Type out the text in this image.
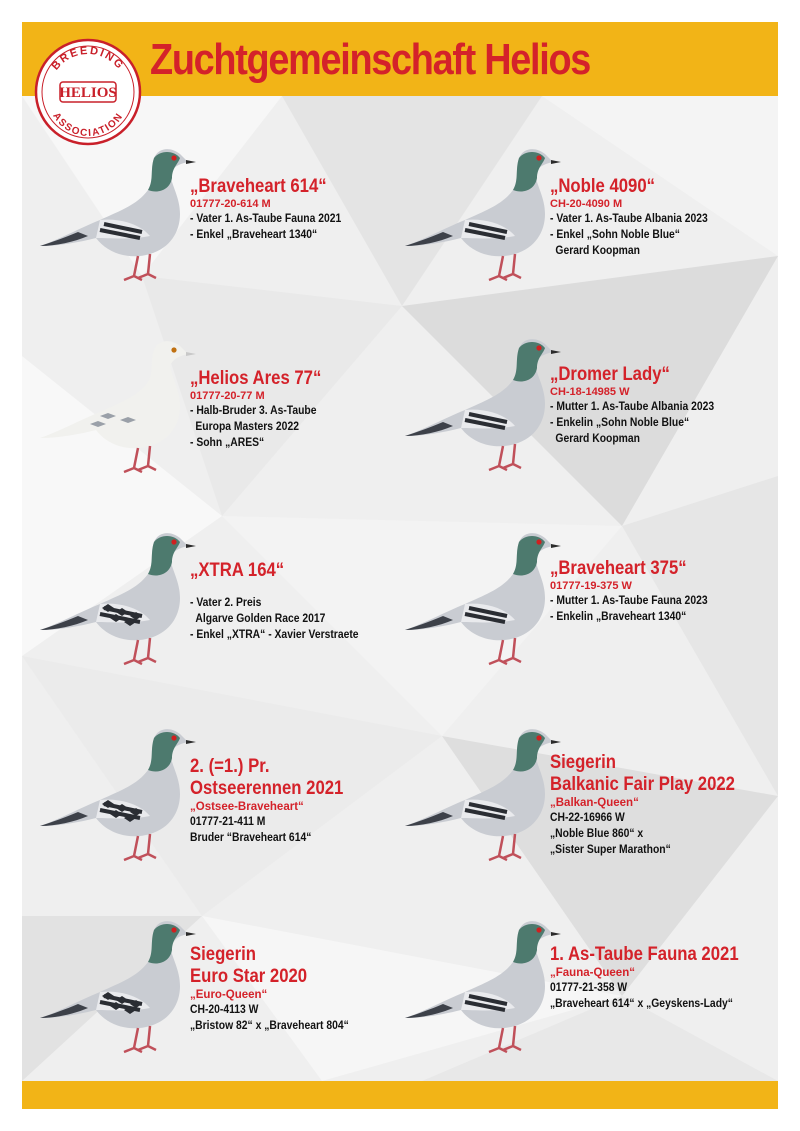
BREEDING
ASSOCIATION
HELIOS
Zuchtgemeinschaft Helios
„Braveheart 614“
01777-20-614 M
- Vater 1. As-Taube Fauna 2021
- Enkel „Braveheart 1340“
„Noble 4090“
CH-20-4090 M
- Vater 1. As-Taube Albania 2023
- Enkel „Sohn Noble Blue“
Gerard Koopman
„Helios Ares 77“
01777-20-77 M
- Halb-Bruder 3. As-Taube
Europa Masters 2022
- Sohn „ARES“
„Dromer Lady“
CH-18-14985 W
- Mutter 1. As-Taube Albania 2023
- Enkelin „Sohn Noble Blue“
Gerard Koopman
„XTRA 164“
- Vater 2. Preis
Algarve Golden Race 2017
- Enkel „XTRA“ - Xavier Verstraete
„Braveheart 375“
01777-19-375 W
- Mutter 1. As-Taube Fauna 2023
- Enkelin „Braveheart 1340“
2. (=1.) Pr.
Ostseerennen 2021
„Ostsee-Braveheart“
01777-21-411 M
Bruder “Braveheart 614“
Siegerin
Balkanic Fair Play 2022
„Balkan-Queen“
CH-22-16966 W
„Noble Blue 860“ x
„Sister Super Marathon“
Siegerin
Euro Star 2020
„Euro-Queen“
CH-20-4113 W
„Bristow 82“ x „Braveheart 804“
1. As-Taube Fauna 2021
„Fauna-Queen“
01777-21-358 W
„Braveheart 614“ x „Geyskens-Lady“
